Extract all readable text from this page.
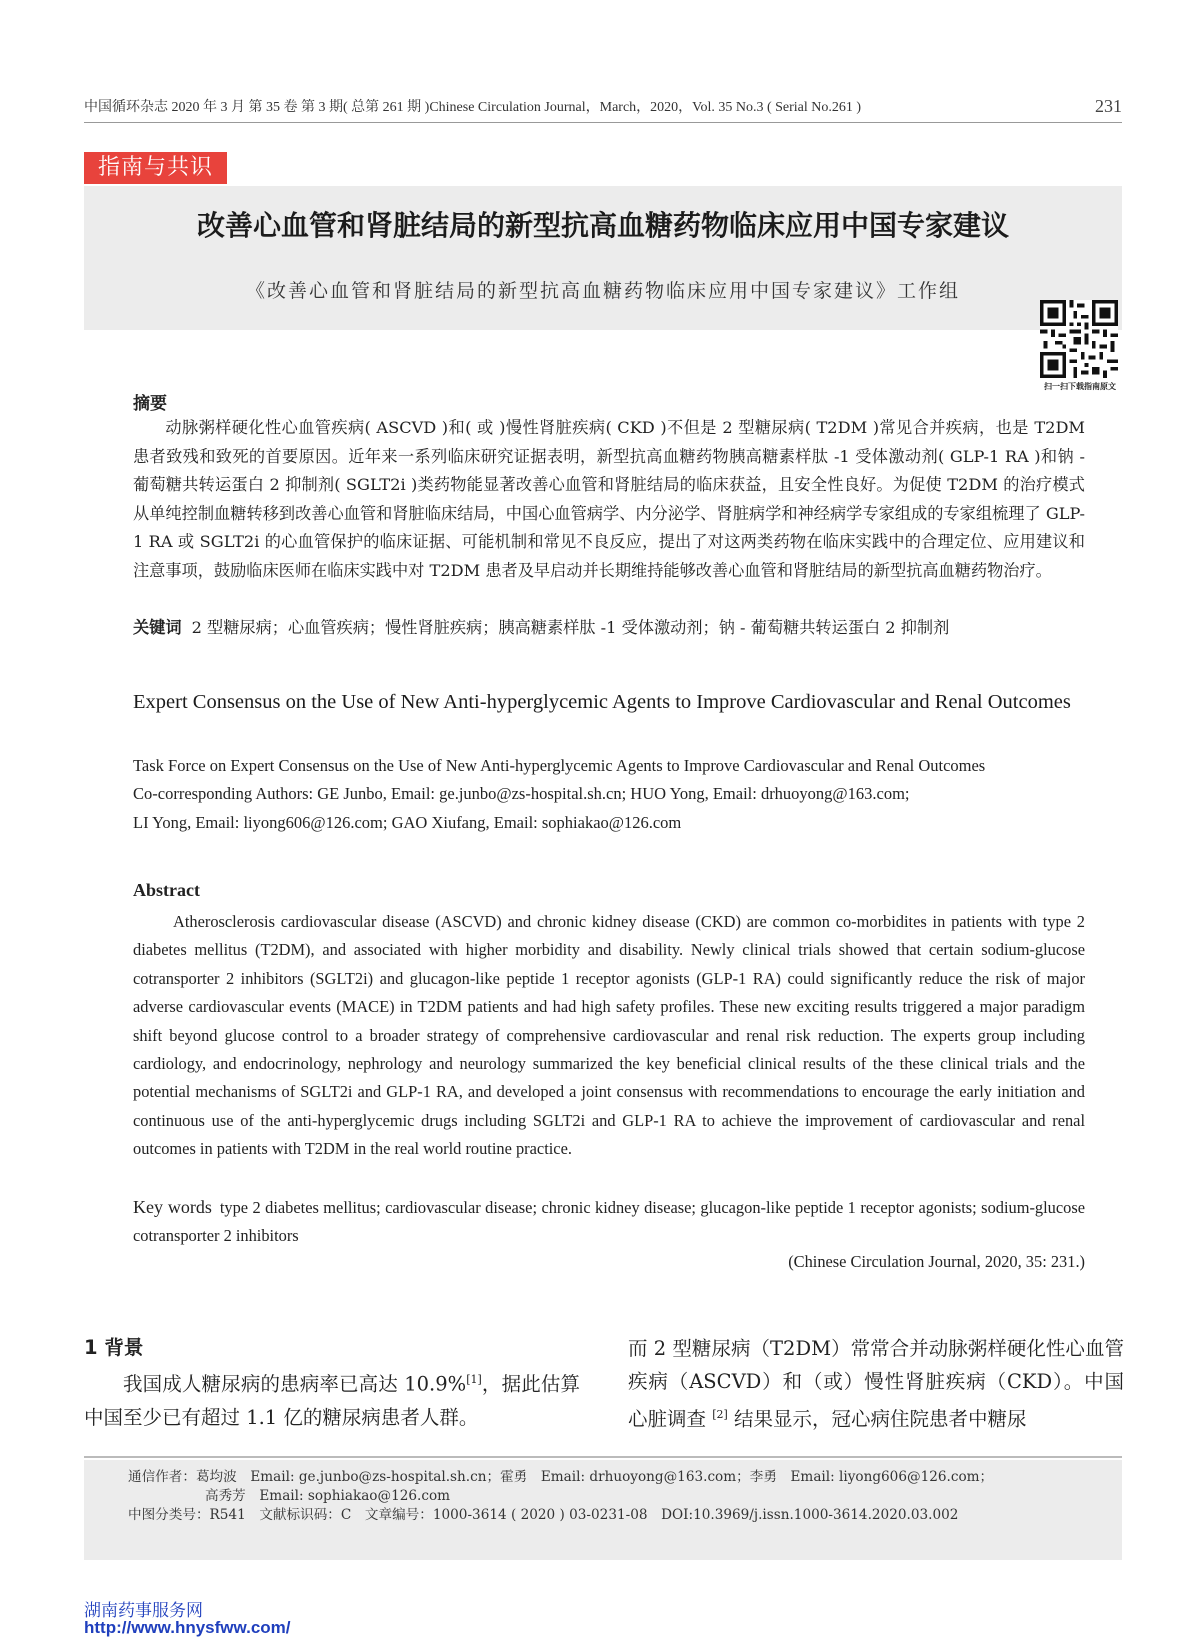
中国循环杂志 2020 年 3 月 第 35 卷 第 3 期( 总第 261 期 )Chinese Circulation Journal，March，2020，Vol. 35 No.3 ( Serial No.261 )	231
指南与共识
改善心血管和肾脏结局的新型抗高血糖药物临床应用中国专家建议
《改善心血管和肾脏结局的新型抗高血糖药物临床应用中国专家建议》工作组
扫一扫下载指南原文
摘要
动脉粥样硬化性心血管疾病( ASCVD )和( 或 )慢性肾脏疾病( CKD )不但是 2 型糖尿病( T2DM )常见合并疾病，也是 T2DM 患者致残和致死的首要原因。近年来一系列临床研究证据表明，新型抗高血糖药物胰高糖素样肽 -1 受体激动剂( GLP-1 RA )和钠 - 葡萄糖共转运蛋白 2 抑制剂( SGLT2i )类药物能显著改善心血管和肾脏结局的临床获益，且安全性良好。为促使 T2DM 的治疗模式从单纯控制血糖转移到改善心血管和肾脏临床结局，中国心血管病学、内分泌学、肾脏病学和神经病学专家组成的专家组梳理了 GLP-1 RA 或 SGLT2i 的心血管保护的临床证据、可能机制和常见不良反应，提出了对这两类药物在临床实践中的合理定位、应用建议和注意事项，鼓励临床医师在临床实践中对 T2DM 患者及早启动并长期维持能够改善心血管和肾脏结局的新型抗高血糖药物治疗。
关键词 2 型糖尿病；心血管疾病；慢性肾脏疾病；胰高糖素样肽 -1 受体激动剂；钠 - 葡萄糖共转运蛋白 2 抑制剂
Expert Consensus on the Use of New Anti-hyperglycemic Agents to Improve Cardiovascular and Renal Outcomes
Task Force on Expert Consensus on the Use of New Anti-hyperglycemic Agents to Improve Cardiovascular and Renal Outcomes
Co-corresponding Authors: GE Junbo, Email: ge.junbo@zs-hospital.sh.cn; HUO Yong, Email: drhuoyong@163.com;
LI Yong, Email: liyong606@126.com; GAO Xiufang, Email: sophiakao@126.com
Abstract
Atherosclerosis cardiovascular disease (ASCVD) and chronic kidney disease (CKD) are common co-morbidites in patients with type 2 diabetes mellitus (T2DM), and associated with higher morbidity and disability. Newly clinical trials showed that certain sodium-glucose cotransporter 2 inhibitors (SGLT2i) and glucagon-like peptide 1 receptor agonists (GLP-1 RA) could significantly reduce the risk of major adverse cardiovascular events (MACE) in T2DM patients and had high safety profiles. These new exciting results triggered a major paradigm shift beyond glucose control to a broader strategy of comprehensive cardiovascular and renal risk reduction. The experts group including cardiology, and endocrinology, nephrology and neurology summarized the key beneficial clinical results of the these clinical trials and the potential mechanisms of SGLT2i and GLP-1 RA, and developed a joint consensus with recommendations to encourage the early initiation and continuous use of the anti-hyperglycemic drugs including SGLT2i and GLP-1 RA to achieve the improvement of cardiovascular and renal outcomes in patients with T2DM in the real world routine practice.
Key words type 2 diabetes mellitus; cardiovascular disease; chronic kidney disease; glucagon-like peptide 1 receptor agonists; sodium-glucose cotransporter 2 inhibitors
(Chinese Circulation Journal, 2020, 35: 231.)
1 背景
我国成人糖尿病的患病率已高达 10.9%[1]，据此估算中国至少已有超过 1.1 亿的糖尿病患者人群。
而 2 型糖尿病（T2DM）常常合并动脉粥样硬化性心血管疾病（ASCVD）和（或）慢性肾脏疾病（CKD）。中国心脏调查 [2] 结果显示，冠心病住院患者中糖尿
通信作者：葛均波　Email: ge.junbo@zs-hospital.sh.cn；霍勇　Email: drhuoyong@163.com；李勇　Email: liyong606@126.com；
高秀芳　Email: sophiakao@126.com
中图分类号：R541　文献标识码：C　文章编号：1000-3614 ( 2020 ) 03-0231-08　DOI:10.3969/j.issn.1000-3614.2020.03.002
湖南药事服务网
http://www.hnysfww.com/
